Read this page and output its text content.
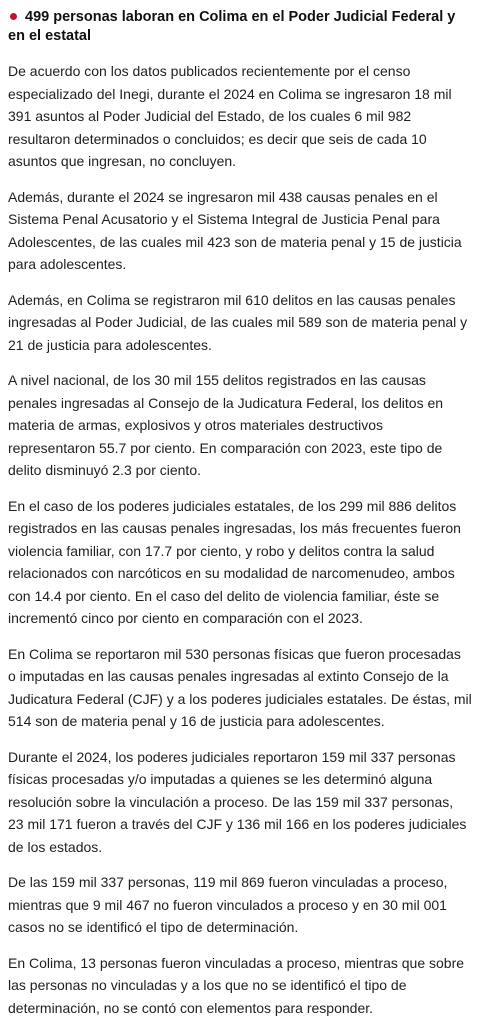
499 personas laboran en Colima en el Poder Judicial Federal y en el estatal

De acuerdo con los datos publicados recientemente por el censo especializado del Inegi, durante el 2024 en Colima se ingresaron 18 mil 391 asuntos al Poder Judicial del Estado, de los cuales 6 mil 982 resultaron determinados o concluidos; es decir que seis de cada 10 asuntos que ingresan, no concluyen.

Además, durante el 2024 se ingresaron mil 438 causas penales en el Sistema Penal Acusatorio y el Sistema Integral de Justicia Penal para Adolescentes, de las cuales mil 423 son de materia penal y 15 de justicia para adolescentes.

Además, en Colima se registraron mil 610 delitos en las causas penales ingresadas al Poder Judicial, de las cuales mil 589 son de materia penal y 21 de justicia para adolescentes.

A nivel nacional, de los 30 mil 155 delitos registrados en las causas penales ingresadas al Consejo de la Judicatura Federal, los delitos en materia de armas, explosivos y otros materiales destructivos representaron 55.7 por ciento. En comparación con 2023, este tipo de delito disminuyó 2.3 por ciento.

En el caso de los poderes judiciales estatales, de los 299 mil 886 delitos registrados en las causas penales ingresadas, los más frecuentes fueron violencia familiar, con 17.7 por ciento, y robo y delitos contra la salud relacionados con narcóticos en su modalidad de narcomenudeo, ambos con 14.4 por ciento. En el caso del delito de violencia familiar, éste se incrementó cinco por ciento en comparación con el 2023.

En Colima se reportaron mil 530 personas físicas que fueron procesadas o imputadas en las causas penales ingresadas al extinto Consejo de la Judicatura Federal (CJF) y a los poderes judiciales estatales. De éstas, mil 514 son de materia penal y 16 de justicia para adolescentes.

Durante el 2024, los poderes judiciales reportaron 159 mil 337 personas físicas procesadas y/o imputadas a quienes se les determinó alguna resolución sobre la vinculación a proceso. De las 159 mil 337 personas, 23 mil 171 fueron a través del CJF y 136 mil 166 en los poderes judiciales de los estados.

De las 159 mil 337 personas, 119 mil 869 fueron vinculadas a proceso, mientras que 9 mil 467 no fueron vinculados a proceso y en 30 mil 001 casos no se identificó el tipo de determinación.

En Colima, 13 personas fueron vinculadas a proceso, mientras que sobre las personas no vinculadas y a los que no se identificó el tipo de determinación, no se contó con elementos para responder.
